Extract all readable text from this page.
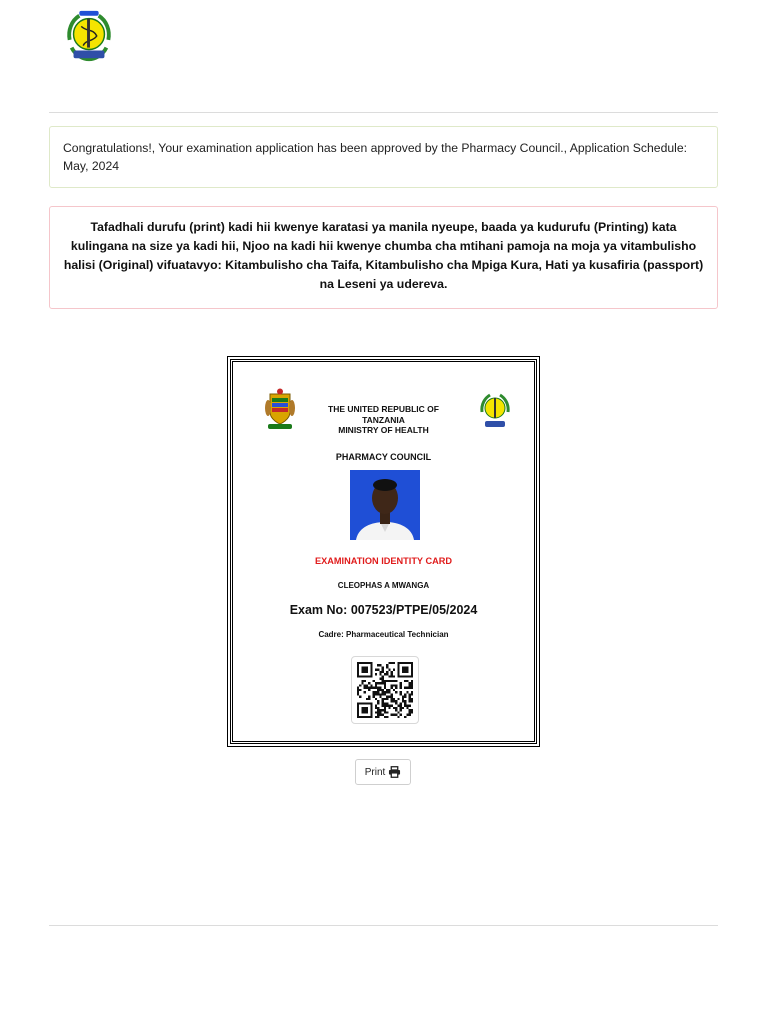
Congratulations!, Your examination application has been approved by the Pharmacy Council., Application Schedule: May, 2024
Tafadhali durufu (print) kadi hii kwenye karatasi ya manila nyeupe, baada ya kudurufu (Printing) kata kulingana na size ya kadi hii, Njoo na kadi hii kwenye chumba cha mtihani pamoja na moja ya vitambulisho halisi (Original) vifuatavyo: Kitambulisho cha Taifa, Kitambulisho cha Mpiga Kura, Hati ya kusafiria (passport) na Leseni ya udereva.
THE UNITED REPUBLIC OF
TANZANIA
MINISTRY OF HEALTH
PHARMACY COUNCIL
EXAMINATION IDENTITY CARD
CLEOPHAS A MWANGA
Exam No: 007523/PTPE/05/2024
Cadre: Pharmaceutical Technician
Print
